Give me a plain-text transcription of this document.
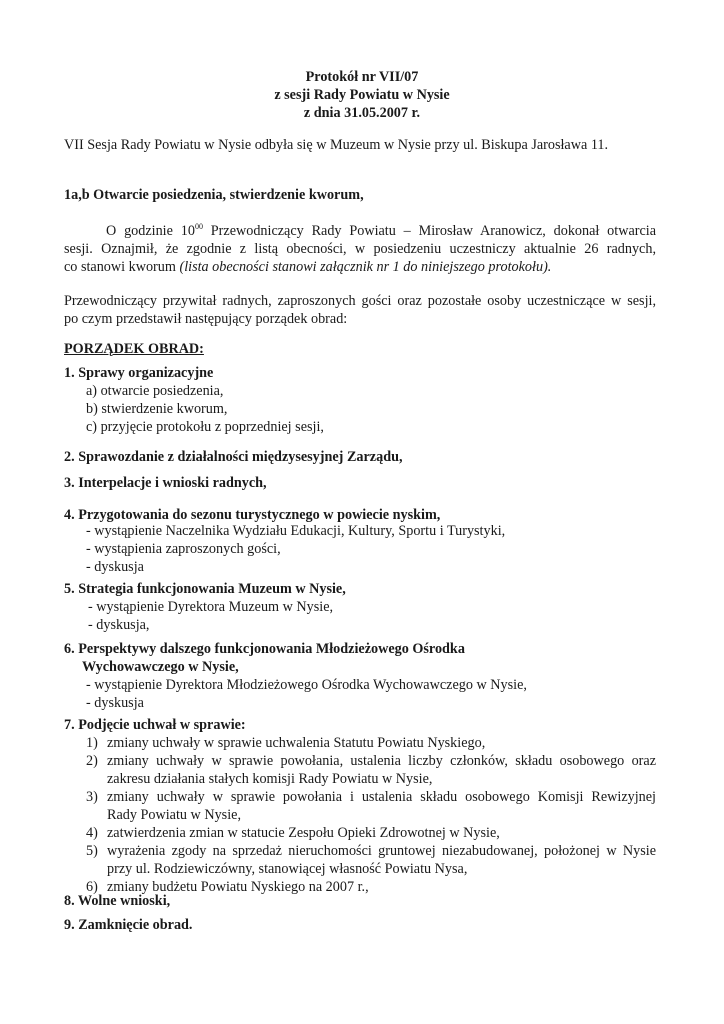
Protokół nr VII/07
z sesji Rady Powiatu w Nysie
z dnia 31.05.2007 r.
VII Sesja Rady Powiatu w Nysie odbyła się w Muzeum w Nysie przy ul. Biskupa Jarosława 11.
1a,b Otwarcie posiedzenia, stwierdzenie kworum,
O godzinie $10^{00}$ Przewodniczący Rady Powiatu – Mirosław Aranowicz, dokonał otwarcia
sesji. Oznajmił, że zgodnie z listą obecności, w posiedzeniu uczestniczy aktualnie 26 radnych,
co stanowi kworum (lista obecności stanowi załącznik nr 1 do niniejszego protokołu).
Przewodniczący przywitał radnych, zaproszonych gości oraz pozostałe osoby uczestniczące w sesji,
po czym przedstawił następujący porządek obrad:
PORZĄDEK OBRAD:
1. Sprawy organizacyjne
a) otwarcie posiedzenia,
b) stwierdzenie kworum,
c) przyjęcie protokołu z poprzedniej sesji,
2. Sprawozdanie z działalności międzysesyjnej Zarządu,
3. Interpelacje i wnioski radnych,
4. Przygotowania do sezonu turystycznego w powiecie nyskim,
- wystąpienie Naczelnika Wydziału Edukacji, Kultury, Sportu i Turystyki,
- wystąpienia zaproszonych gości,
- dyskusja
5. Strategia funkcjonowania Muzeum w Nysie,
- wystąpienie Dyrektora Muzeum w Nysie,
- dyskusja,
6. Perspektywy dalszego funkcjonowania Młodzieżowego Ośrodka
Wychowawczego w Nysie,
- wystąpienie Dyrektora Młodzieżowego Ośrodka Wychowawczego w Nysie,
- dyskusja
7. Podjęcie uchwał w sprawie:
1) zmiany uchwały w sprawie uchwalenia Statutu Powiatu Nyskiego,
2) zmiany uchwały w sprawie powołania, ustalenia liczby członków, składu osobowego oraz
zakresu działania stałych komisji Rady Powiatu w Nysie,
3) zmiany uchwały w sprawie powołania i ustalenia składu osobowego Komisji Rewizyjnej
Rady Powiatu w Nysie,
4) zatwierdzenia zmian w statucie Zespołu Opieki Zdrowotnej w Nysie,
5) wyrażenia zgody na sprzedaż nieruchomości gruntowej niezabudowanej, położonej w Nysie
przy ul. Rodziewiczówny, stanowiącej własność Powiatu Nysa,
6) zmiany budżetu Powiatu Nyskiego na 2007 r.,
8. Wolne wnioski,
9. Zamknięcie obrad.
